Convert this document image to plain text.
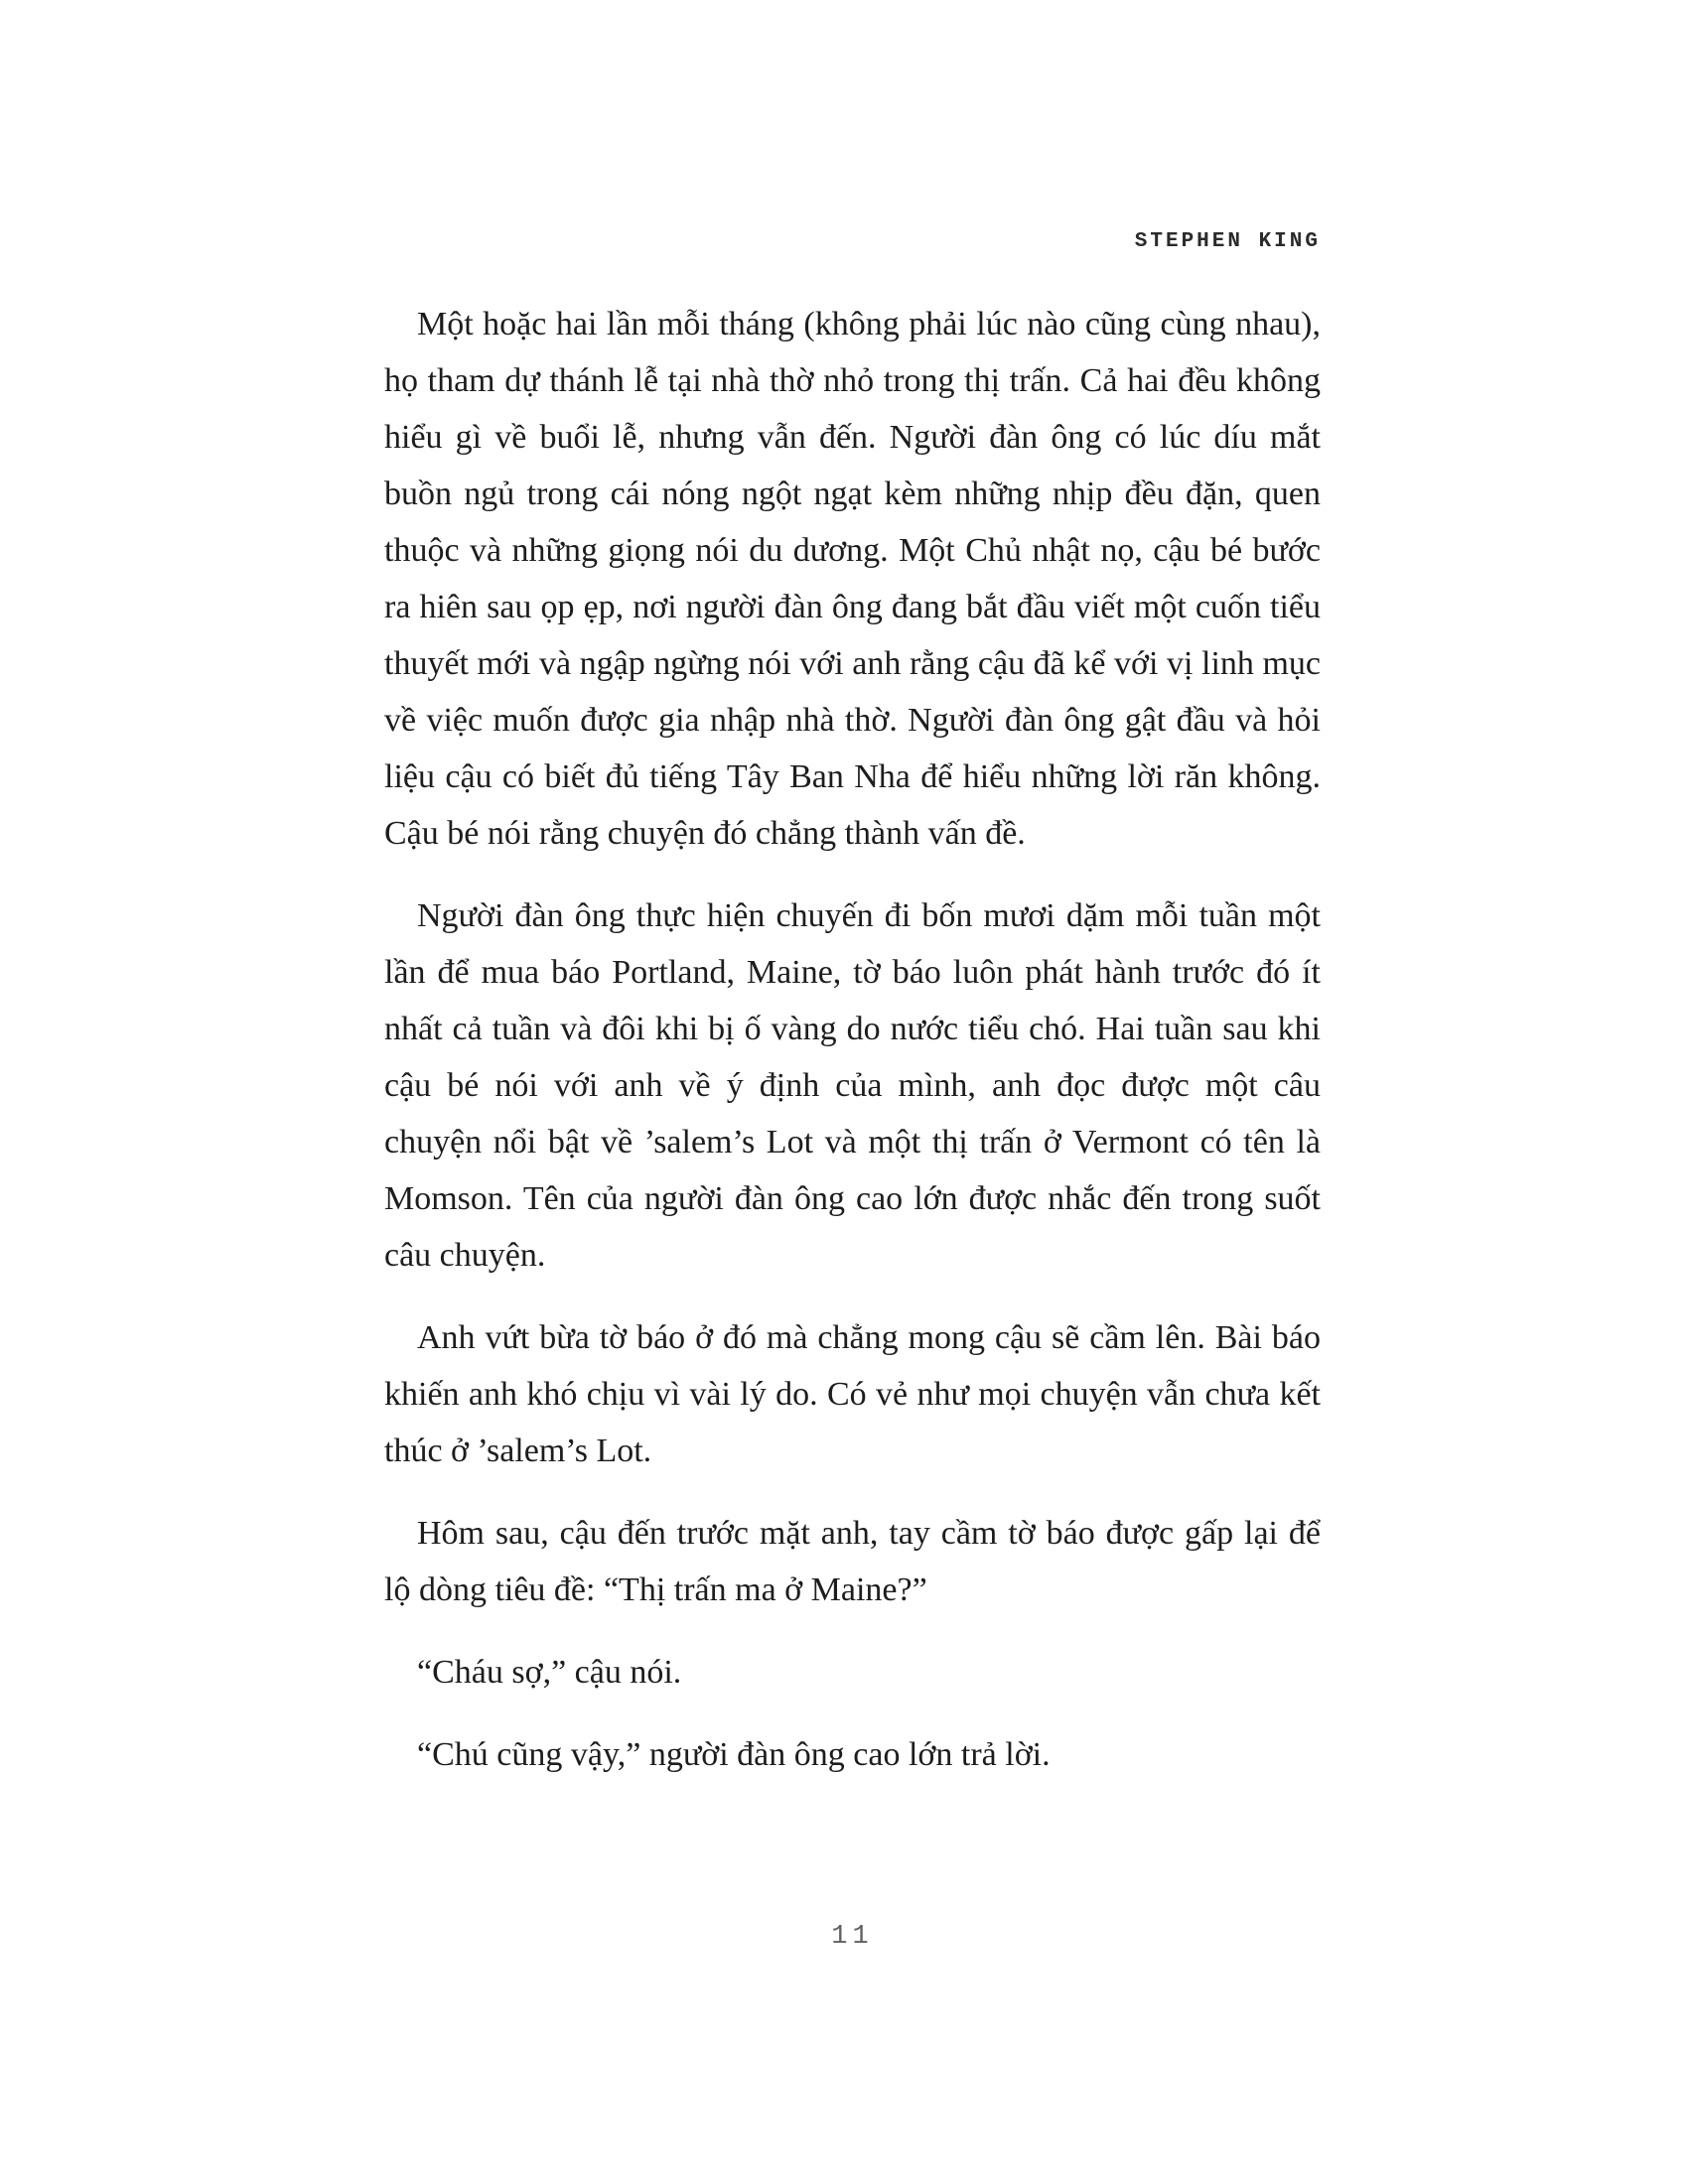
STEPHEN KING

Một hoặc hai lần mỗi tháng (không phải lúc nào cũng cùng nhau), họ tham dự thánh lễ tại nhà thờ nhỏ trong thị trấn. Cả hai đều không hiểu gì về buổi lễ, nhưng vẫn đến. Người đàn ông có lúc díu mắt buồn ngủ trong cái nóng ngột ngạt kèm những nhịp đều đặn, quen thuộc và những giọng nói du dương. Một Chủ nhật nọ, cậu bé bước ra hiên sau ọp ẹp, nơi người đàn ông đang bắt đầu viết một cuốn tiểu thuyết mới và ngập ngừng nói với anh rằng cậu đã kể với vị linh mục về việc muốn được gia nhập nhà thờ. Người đàn ông gật đầu và hỏi liệu cậu có biết đủ tiếng Tây Ban Nha để hiểu những lời răn không. Cậu bé nói rằng chuyện đó chẳng thành vấn đề.

Người đàn ông thực hiện chuyến đi bốn mươi dặm mỗi tuần một lần để mua báo Portland, Maine, tờ báo luôn phát hành trước đó ít nhất cả tuần và đôi khi bị ố vàng do nước tiểu chó. Hai tuần sau khi cậu bé nói với anh về ý định của mình, anh đọc được một câu chuyện nổi bật về ’salem’s Lot và một thị trấn ở Vermont có tên là Momson. Tên của người đàn ông cao lớn được nhắc đến trong suốt câu chuyện.

Anh vứt bừa tờ báo ở đó mà chẳng mong cậu sẽ cầm lên. Bài báo khiến anh khó chịu vì vài lý do. Có vẻ như mọi chuyện vẫn chưa kết thúc ở ’salem’s Lot.

Hôm sau, cậu đến trước mặt anh, tay cầm tờ báo được gấp lại để lộ dòng tiêu đề: “Thị trấn ma ở Maine?”

“Cháu sợ,” cậu nói.

“Chú cũng vậy,” người đàn ông cao lớn trả lời.

11
